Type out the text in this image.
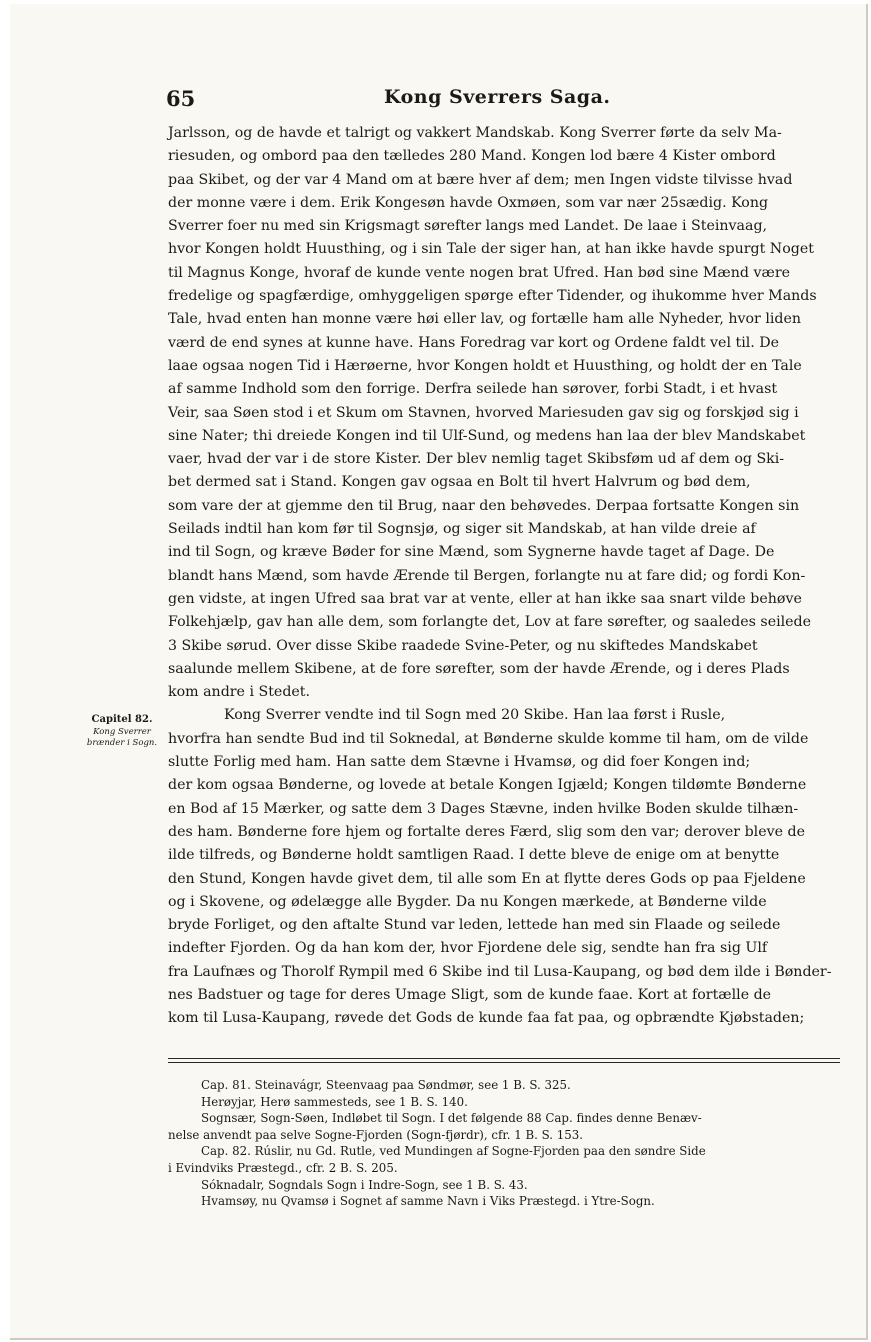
65	Kong Sverrers Saga.
Capitel 82.
Kong Sverrer
brænder i Sogn.
Jarlsson, og de havde et talrigt og vakkert Mandskab. Kong Sverrer førte da selv Ma-
riesuden, og ombord paa den tælledes 280 Mand. Kongen lod bære 4 Kister ombord
paa Skibet, og der var 4 Mand om at bære hver af dem; men Ingen vidste tilvisse hvad
der monne være i dem. Erik Kongesøn havde Oxmøen, som var nær 25sædig. Kong
Sverrer foer nu med sin Krigsmagt sørefter langs med Landet. De laae i Steinvaag,
hvor Kongen holdt Huusthing, og i sin Tale der siger han, at han ikke havde spurgt Noget
til Magnus Konge, hvoraf de kunde vente nogen brat Ufred. Han bød sine Mænd være
fredelige og spagfærdige, omhyggeligen spørge efter Tidender, og ihukomme hver Mands
Tale, hvad enten han monne være høi eller lav, og fortælle ham alle Nyheder, hvor liden
værd de end synes at kunne have. Hans Foredrag var kort og Ordene faldt vel til. De
laae ogsaa nogen Tid i Hærøerne, hvor Kongen holdt et Huusthing, og holdt der en Tale
af samme Indhold som den forrige. Derfra seilede han sørover, forbi Stadt, i et hvast
Veir, saa Søen stod i et Skum om Stavnen, hvorved Mariesuden gav sig og forskjød sig i
sine Nater; thi dreiede Kongen ind til Ulf-Sund, og medens han laa der blev Mandskabet
vaer, hvad der var i de store Kister. Der blev nemlig taget Skibsføm ud af dem og Ski-
bet dermed sat i Stand. Kongen gav ogsaa en Bolt til hvert Halvrum og bød dem,
som vare der at gjemme den til Brug, naar den behøvedes. Derpaa fortsatte Kongen sin
Seilads indtil han kom før til Sognsjø, og siger sit Mandskab, at han vilde dreie af
ind til Sogn, og kræve Bøder for sine Mænd, som Sygnerne havde taget af Dage. De
blandt hans Mænd, som havde Ærende til Bergen, forlangte nu at fare did; og fordi Kon-
gen vidste, at ingen Ufred saa brat var at vente, eller at han ikke saa snart vilde behøve
Folkehjælp, gav han alle dem, som forlangte det, Lov at fare sørefter, og saaledes seilede
3 Skibe sørud. Over disse Skibe raadede Svine-Peter, og nu skiftedes Mandskabet
saalunde mellem Skibene, at de fore sørefter, som der havde Ærende, og i deres Plads
kom andre i Stedet.
Kong Sverrer vendte ind til Sogn med 20 Skibe. Han laa først i Rusle,
hvorfra han sendte Bud ind til Soknedal, at Bønderne skulde komme til ham, om de vilde
slutte Forlig med ham. Han satte dem Stævne i Hvamsø, og did foer Kongen ind;
der kom ogsaa Bønderne, og lovede at betale Kongen Igjæld; Kongen tildømte Bønderne
en Bod af 15 Mærker, og satte dem 3 Dages Stævne, inden hvilke Boden skulde tilhæn-
des ham. Bønderne fore hjem og fortalte deres Færd, slig som den var; derover bleve de
ilde tilfreds, og Bønderne holdt samtligen Raad. I dette bleve de enige om at benytte
den Stund, Kongen havde givet dem, til alle som En at flytte deres Gods op paa Fjeldene
og i Skovene, og ødelægge alle Bygder. Da nu Kongen mærkede, at Bønderne vilde
bryde Forliget, og den aftalte Stund var leden, lettede han med sin Flaade og seilede
indefter Fjorden. Og da han kom der, hvor Fjordene dele sig, sendte han fra sig Ulf
fra Laufnæs og Thorolf Rympil med 6 Skibe ind til Lusa-Kaupang, og bød dem ilde i Bønder-
nes Badstuer og tage for deres Umage Sligt, som de kunde faae. Kort at fortælle de
kom til Lusa-Kaupang, røvede det Gods de kunde faa fat paa, og opbrændte Kjøbstaden;
Cap. 81. Steinavágr, Steenvaag paa Søndmør, see 1 B. S. 325.
Herøyjar, Herø sammesteds, see 1 B. S. 140.
Sognsær, Sogn-Søen, Indløbet til Sogn. I det følgende 88 Cap. findes denne Benæv-
nelse anvendt paa selve Sogne-Fjorden (Sogn-fjørdr), cfr. 1 B. S. 153.
Cap. 82. Rúslir, nu Gd. Rutle, ved Mundingen af Sogne-Fjorden paa den søndre Side
i Evindviks Præstegd., cfr. 2 B. S. 205.
Sóknadalr, Sogndals Sogn i Indre-Sogn, see 1 B. S. 43.
Hvamsøy, nu Qvamsø i Sognet af samme Navn i Viks Præstegd. i Ytre-Sogn.
